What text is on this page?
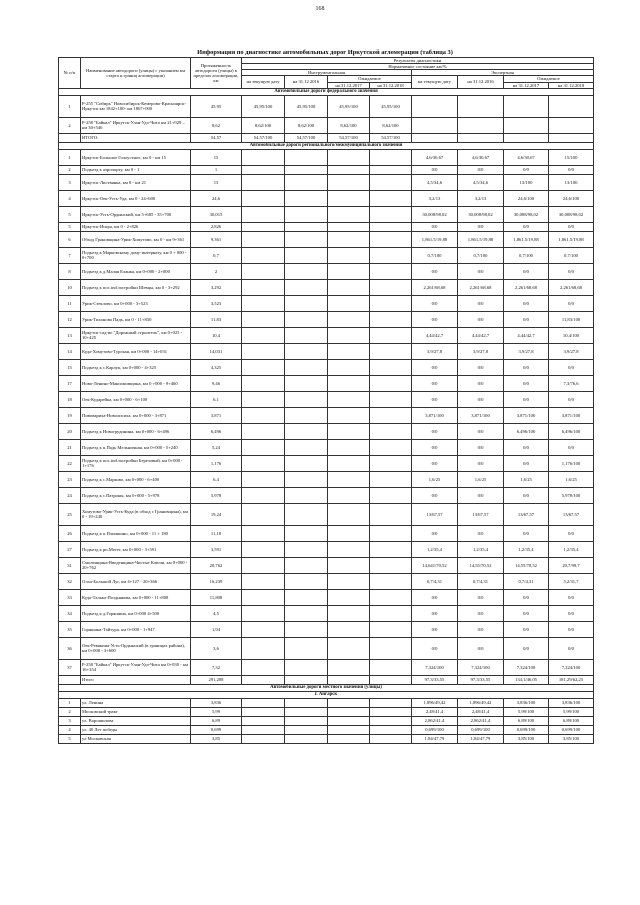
168
Информация по диагностике автомобильных дорог Иркутской агломерации (таблица 3)
№ п/п	Наименование автодороги (улицы) с указанием км старта и границ агломерации)	Протяженность автодороги (улицы) в пределах агломерации, км	Результаты диагностики							
			Нормативное состояние км/%							
			Инструментальная				Экспертная			
			на текущую дату	на 31.12.2016	Ожидаемое		на текущую дату	на 31.12.2016	Ожидаемое	
					на 31.12.2017	на 31.12.2018			на 31.12.2017	на 31.12.2018
Автомобильные дороги федерального значения										
1	Р-255 "Сибирь" Новосибирск-Кемерово-Красноярск-Иркутск км 1842+100- км 1867+000	45,95	45,95/100	45,95/100	45,95/100	45,95/100				
2	Р-258 "Байкал" Иркутск-Улан-Удэ-Чита км 21+929 – км 30+546	8,62	8,62/100	8,62/100	8,62/100	8,62/100				
	ИТОГО:	54,57	54,57/100	54,57/100	54,57/100	54,57/100				
Автомобильные дороги регионального/межмуниципального значения										
1	Иркутск-Большое Голоустное, км 0 - км 15	15					4,6/30,67	4,6/30,67	4,6/30,67	15/100
2	Подъезд к аэропорту, км 0 - 1	1					0/0	0/0	0/0	0/0
3	Иркутск-Листвянка, км 8 - км 21	13					4,5/34,6	4,5/34,6	13/100	13/100
4	Иркутск-Оек-Усть-Уда, км 0 - 24+600	24,6					3,2/13	3,2/13	24,6/100	24,6/100
5	Иркутск-Усть-Ордынский, км 5+685 - 35+700	30,015					30,008/98,02	30,008/98,02	30,008/98,02	30,008/98,02
5	Иркутск-Искра, км 0 - 2+826	2,826					0/0	0/0	0/0	0/0
6	Обход Грановщина-Урик-Хомутово, км 0 - км 9+361	9,361					1,861,5/19,88	1,861,5/19,88	1,861,5/19,88	1,861,5/19,88
7	Подъезд к Марковскому дому-интернату, км 0 + 000 - 0+700	0,7					0,7/100	0,7/100	0,7/100	0,7/100
8	Подъезд к д.Малая Еланка, км 0+000 - 2+000	2					0/0	0/0	0/0	0/0
10	Подъезд к пос.ind.застройки Шевцы, км 0 - 3+292	3,292					2,261/68,68	2,261/68,68	2,261/68,68	2,261/68,68
11	Урик-Стеклово, км 0+000 - 3+523	3,523					0/0	0/0	0/0	0/0
12	Урик-Тихонова Падь, км 0 - 11+830	11,83					0/0	0/0	0/0	11,83/100
13	Иркутск-сад-во "Дорожный строитель", км 0+025 - 10+425	10,4					4,44/42,7	4,44/42,7	4,44/42,7	10,4/100
14	Куда-Хомутово-Турская, км 0+000 - 14+031	14,031					3,9/27,8	3,9/27,8	3,9/27,8	3,9/27,8
15	Подъезд к с.Карлук, км 0+000 - 4+325	4,325					0/0	0/0	0/0	0/0
17	Ново-Ленино-Максимовщина, км 0 +000 - 9+460	9,46					0/0	0/0	0/0	7,3/76,6
18	Оек-Кударейка, км 0+000 - 6+100	6,1					0/0	0/0	0/0	0/0
19	Пивовариха-Новолисиха, км 0+000 - 3+871	3,871					3,871/100	3,871/100	3,871/100	3,871/100
20	Подъезд к Новогрудинина, км 0+000 - 6+496	6,496					0/0	0/0	6,496/100	6,496/100
21	Подъезд к п.Падь Мельничная, км 0+000 - 5+240	5,24					0/0	0/0	0/0	0/0
22	Подъезд к пос.ind.застройки Березовый, км 0+000 - 1+176	1,176					0/0	0/0	0/0	1,176/100
23	Подъезд к с.Марково, км 0+000 - 6+400	6,4					1,6/25	1,6/25	1,6/25	1,6/25
24	Подъезд к с.Патроны, км 0+000 - 5+978	5,978					0/0	0/0	0/0	5,978/100
25	Хомутово-Урик-Усть-Куда (в обход с Грановщина), км 0 - 19+240	19,24					13/67,57	13/67,57	13/67,57	13/67,57
26	Подъезд к п.Плишкино, км 0+000 - 11 + 180	11,18					0/0	0/0	0/0	0/0
27	Подъезд к рп.Мегет, км 0+000 - 3+591	3,591					1,2/35,4	1,2/35,4	1,2/35,4	1,2/35,4
31	Смоленщина-Введенщина-Чистые Ключи, км 0+000 - 20+762	20,762					14,641/70,52	14,55/70,52	14,55/70,52	20,7/99,7
32	Олха-Большой Луг, км 4+127 - 20+366	16,239					0,7/4,31	0,7/4,31	0,7/4,31	5,2/31,7
33	Куда-Талька-Позднякова, км 0+000 - 11+808	11,808					0/0	0/0	0/0	0/0
34	Подъезд к д.Горяшина, км 0+000 4+500	4,5					0/0	0/0	0/0	0/0
35	Горяшина-Тайтура, км 0+000 - 1+947	1,94					0/0	0/0	0/0	0/0
36	Оек-Ревякина-Усть-Ордынский (в границах района), км 0+000 - 3+600	3,6					0/0	0/0	0/0	0/0
37	Р-258 "Байкал" Иркутск-Улан-Удэ-Чита км 0+030 - км 16+354	7,32					7,324/100	7,324/100	7,324/100	7,324/100
	Итого	291,208					97,3/33,55	97,3/33,55	134,1/46,05	181,29/62,25
Автомобильные дороги местного значения (улицы)										
г. Ангарск										
1	ул. Ленина	3,836					1,896/49,42	1,896/49,42	3,836/100	3,836/100
2	Московский тракт	5,99					2,48/41,4	2,48/41,4	5,99/100	5,99/100
3	ул. Ворошилова	6,89					2,862/41,4	2,862/41,4	6,89/100	6,89/100
4	ул. 40 Лет победы	0,699					0,699/100	0,699/100	0,699/100	0,699/100
5	ул Московская	3,85					1,84/47,79	1,84/47,79	3,85/100	3,85/100
